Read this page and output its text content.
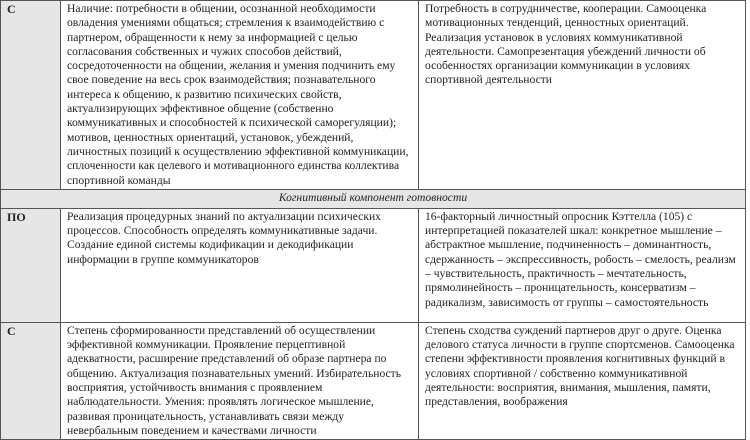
С	Наличие: потребности в общении, осознанной необходимости овладения умениями общаться; стремления к взаимодействию с партнером, обращенности к нему за информацией с целью согласования собственных и чужих способов действий, сосредоточенности на общении, желания и умения подчинить ему свое поведение на весь срок взаимодействия; познавательного интереса к общению, к развитию психических свойств, актуализирующих эффективное общение (собственно коммуникативных и способностей к психической саморегуляции); мотивов, ценностных ориентаций, установок, убеждений, личностных позиций к осуществлению эффективной коммуникации, сплоченности как целевого и мотивационного единства коллектива спортивной команды	Потребность в сотрудничестве, кооперации. Самооценка мотивационных тенденций, ценностных ориентаций. Реализация установок в условиях коммуникативной деятельности. Самопрезентация убеждений личности об особенностях организации коммуникации в условиях спортивной деятельности
Когнитивный компонент готовности		
ПО	Реализация процедурных знаний по актуализации психических процессов. Способность определять коммуникативные задачи. Создание единой системы кодификации и декодификации информации в группе коммуникаторов	16-факторный личностный опросник Кэттелла (105) с интерпретацией показателей шкал: конкретное мышление – абстрактное мышление, подчиненность – доминантность, сдержанность – экспрессивность, робость – смелость, реализм – чувствительность, практичность – мечтательность, прямолинейность – проницательность, консерватизм – радикализм, зависимость от группы – самостоятельность
С	Степень сформированности представлений об осуществлении эффективной коммуникации. Проявление перцептивной адекватности, расширение представлений об образе партнера по общению. Актуализация познавательных умений. Избирательность восприятия, устойчивость внимания с проявлением наблюдательности. Умения: проявлять логическое мышление, развивая проницательность, устанавливать связи между невербальным поведением и качествами личности	Степень сходства суждений партнеров друг о друге. Оценка делового статуса личности в группе спортсменов. Самооценка степени эффективности проявления когнитивных функций в условиях спортивной / собственно коммуникативной деятельности: восприятия, внимания, мышления, памяти, представления, воображения
